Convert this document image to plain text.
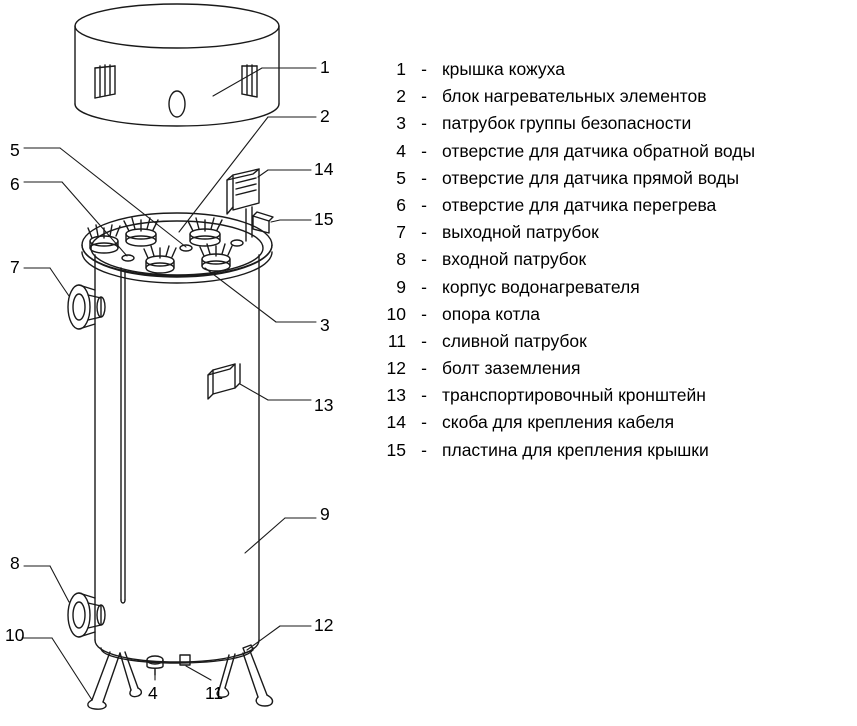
1
2
5
14
6
15
7
3
13
9
8
12
10
4	11
1 - крышка кожуха
2 - блок нагревательных элементов
3 - патрубок группы безопасности
4 - отверстие для датчика обратной воды
5 - отверстие для датчика прямой воды
6 - отверстие для датчика перегрева
7 - выходной патрубок
8 - входной патрубок
9 - корпус водонагревателя
10 - опора котла
11 - сливной патрубок
12 - болт заземления
13 - транспортировочный кронштейн
14 - скоба для крепления кабеля
15 - пластина для крепления крышки
